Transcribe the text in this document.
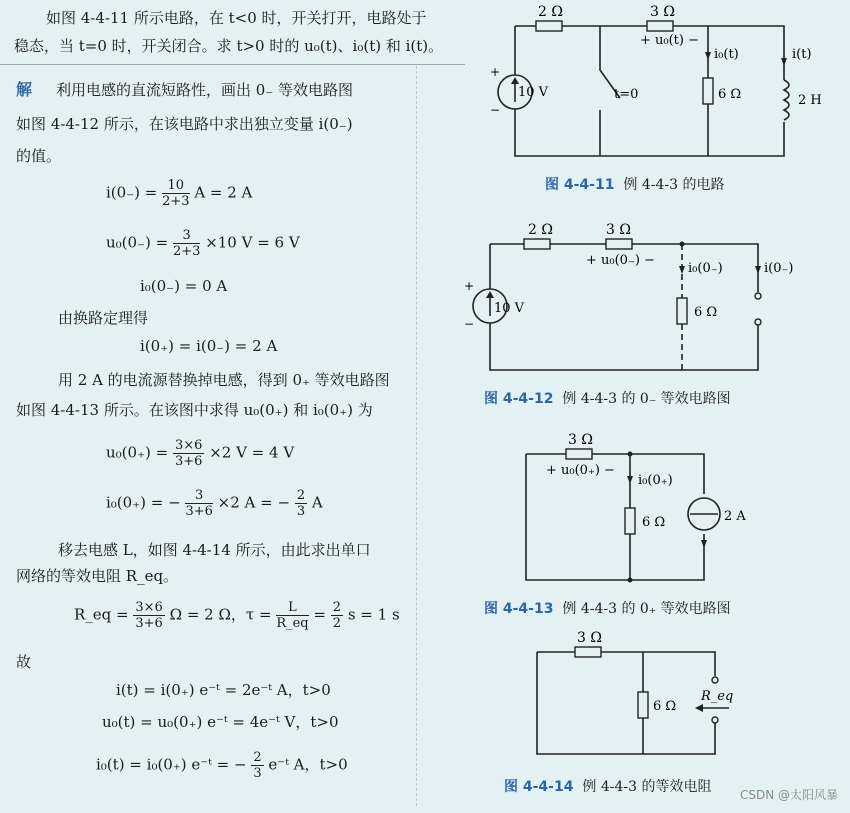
如图 4-4-11 所示电路，在 t<0 时，开关打开，电路处于
稳态，当 t=0 时，开关闭合。求 t>0 时的 u₀(t)、i₀(t) 和 i(t)。
解 利用电感的直流短路性，画出 0₋ 等效电路图
如图 4-4-12 所示，在该电路中求出独立变量 i(0₋)
的值。
$i(0_-) = \frac{10}{2+3}$ A = 2 A
$u_0(0_-) = \frac{3}{2+3} \times 10$ V = 6 V
i₀(0₋) = 0 A
由换路定理得
i(0₊) = i(0₋) = 2 A
用 2 A 的电流源替换掉电感，得到 0₊ 等效电路图
如图 4-4-13 所示。在该图中求得 u₀(0₊) 和 i₀(0₊) 为
$u_0(0_+) = \frac{3\times 6}{3+6} \times 2$ V = 4 V
i₀(0₊) = − $\frac{3}{3+6} \times 2$ A = − $\frac{2}{3}$ A
移去电感 L，如图 4-4-14 所示，由此求出单口
网络的等效电阻 R_eq。
R_eq = $\frac{3\times 6}{3+6}$ Ω = 2 Ω，$\tau = \frac{L}{R\_eq} = \frac{2}{2}$ s = 1 s
故
i(t) = i(0₊) e⁻ᵗ = 2e⁻ᵗ A，t>0
u₀(t) = u₀(0₊) e⁻ᵗ = 4e⁻ᵗ V，t>0
i₀(t) = i₀(0₊) e⁻ᵗ = − $\frac{2}{3}$ e⁻ᵗ A，t>0
2 Ω	3 Ω
+ u₀(t) −
i₀(t)	i(t)
+
−
10 V	t=0	6 Ω	2 H
图 4-4-11 例 4-4-3 的电路
2 Ω	3 Ω
+ u₀(0₋) −
i₀(0₋)	i(0₋)
+
−
10 V	6 Ω
图 4-4-12 例 4-4-3 的 0₋ 等效电路图
3 Ω
+ u₀(0₊) −
i₀(0₊)
6 Ω	2 A
图 4-4-13 例 4-4-3 的 0₊ 等效电路图
3 Ω
6 Ω
R_eq
图 4-4-14 例 4-4-3 的等效电阻 CSDN @太阳风暴
